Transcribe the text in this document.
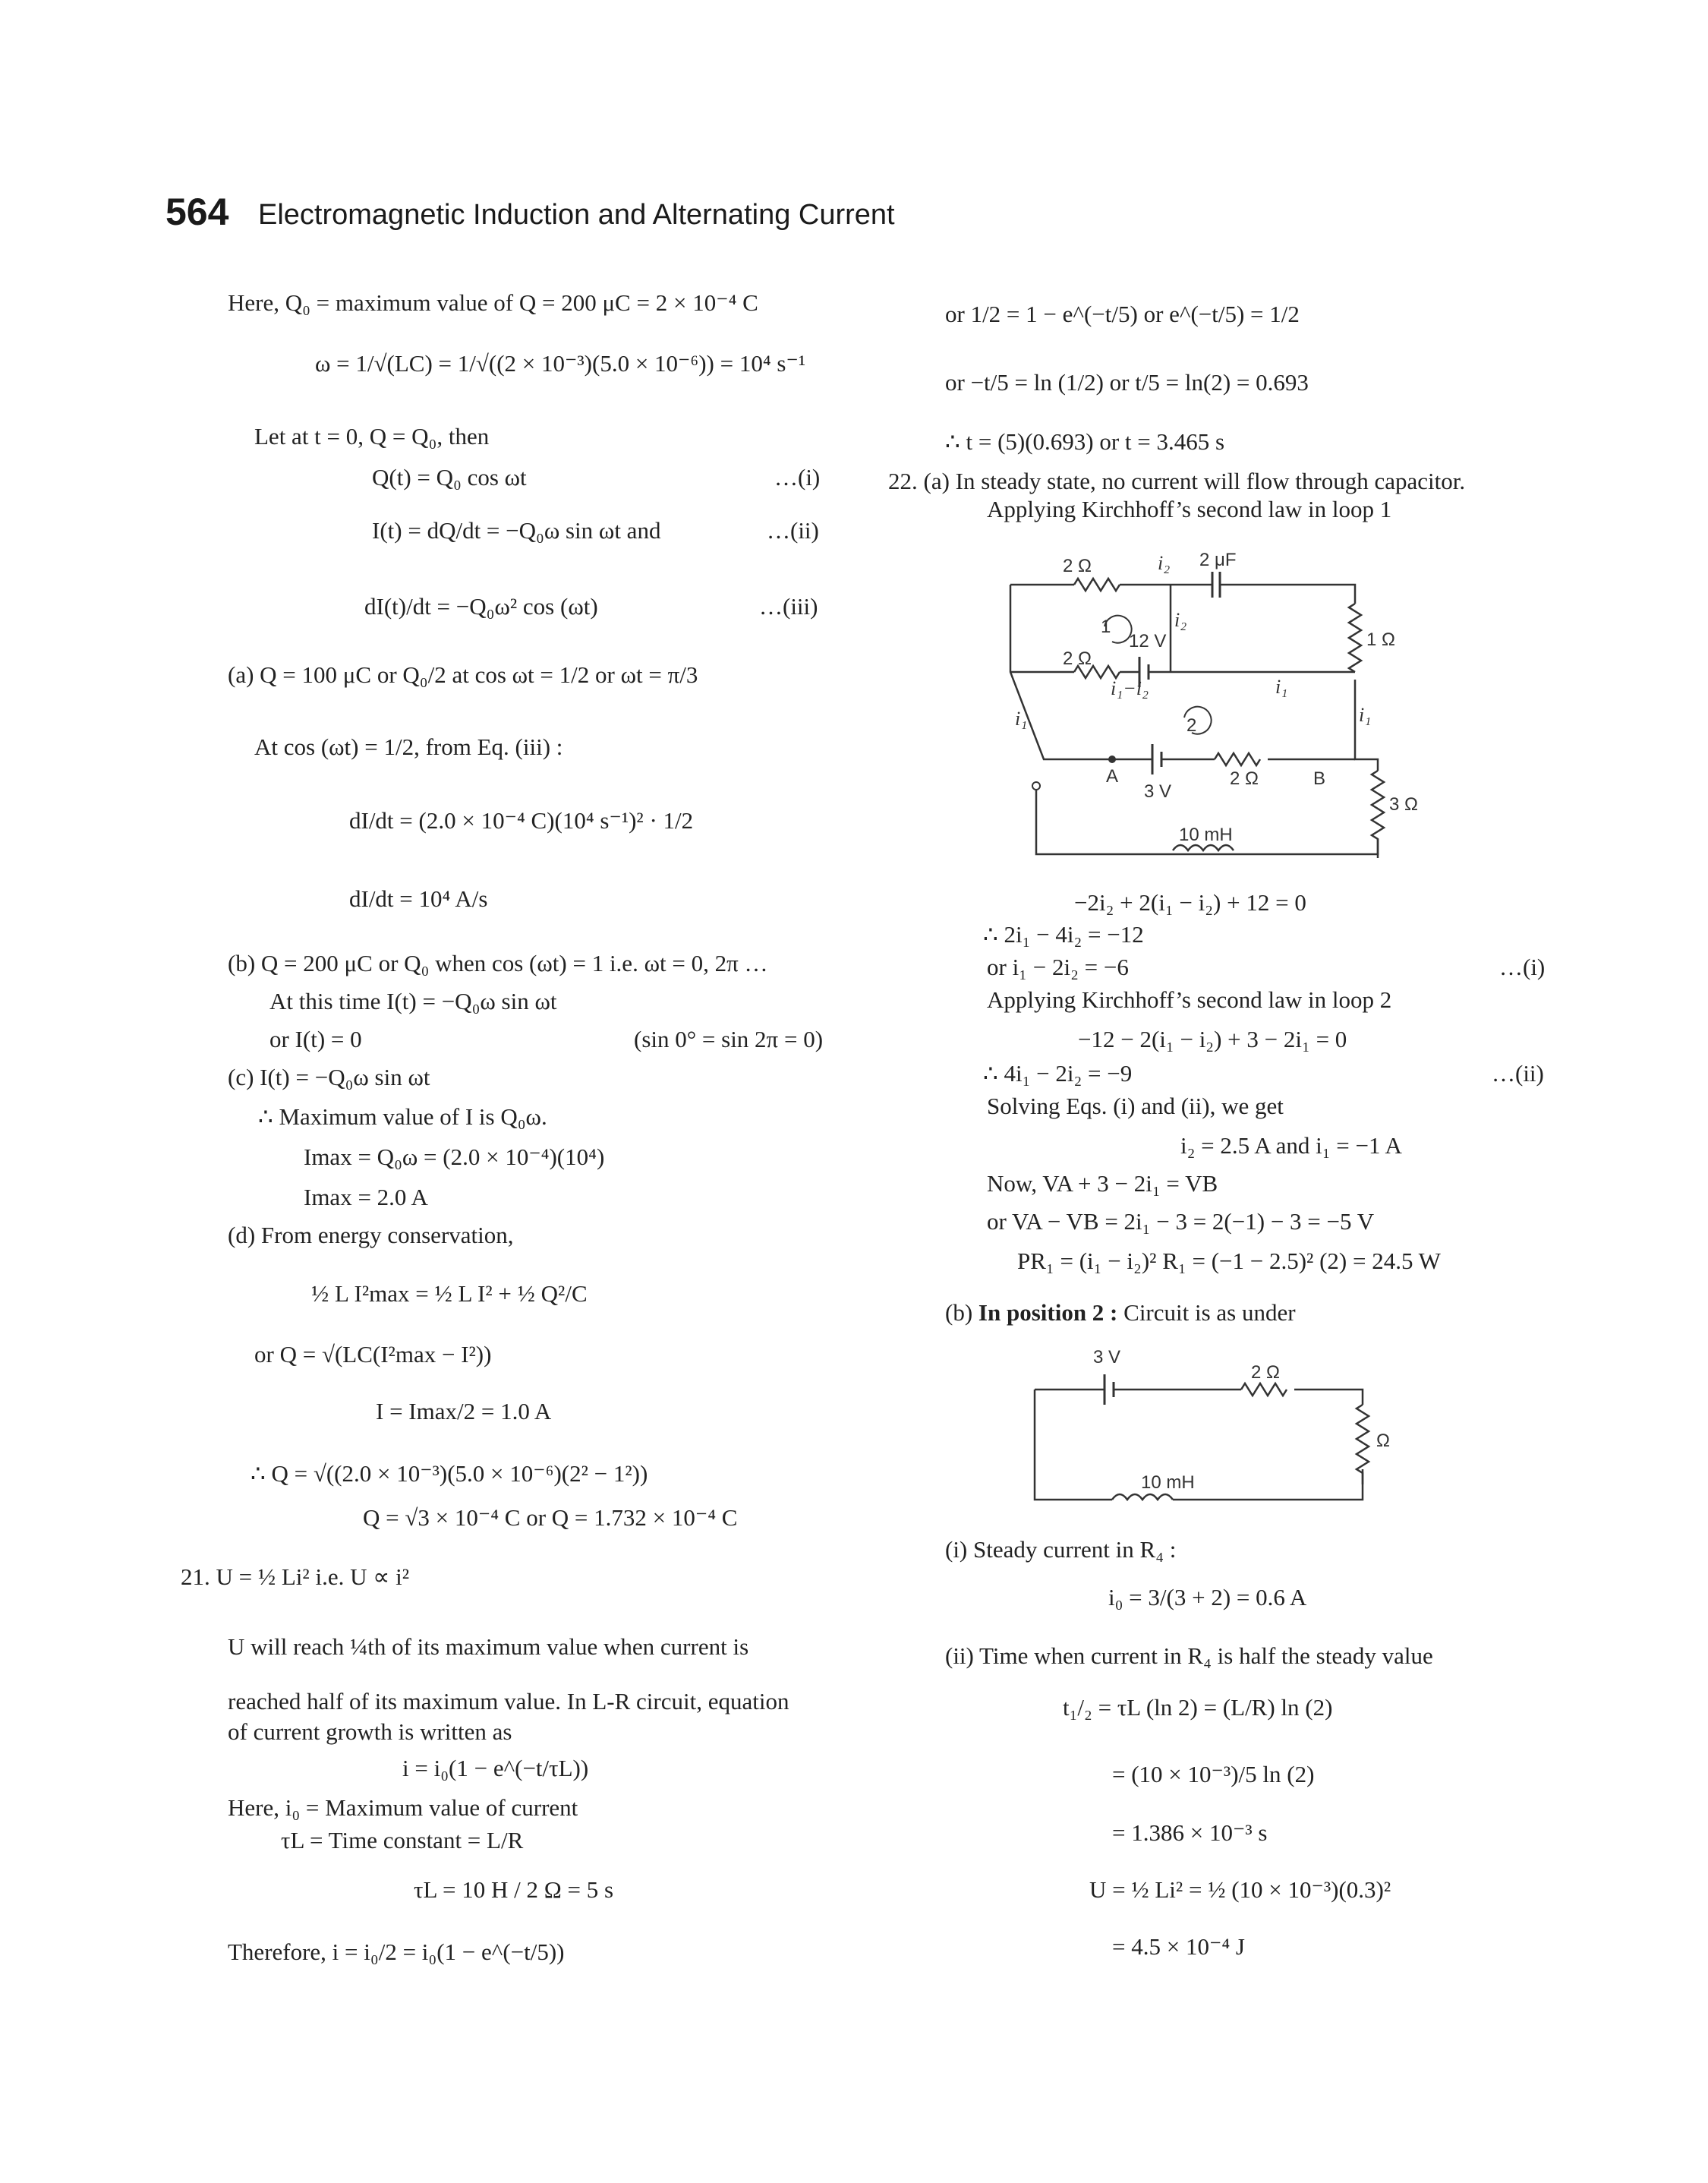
564 Electromagnetic Induction and Alternating Current
Here, Q₀ = maximum value of Q = 200 μC = 2 × 10⁻⁴ C
ω = 1/√(LC) = 1/√((2 × 10⁻³)(5.0 × 10⁻⁶)) = 10⁴ s⁻¹
Let at t = 0, Q = Q₀, then
Q(t) = Q₀ cos ωt	…(i)
I(t) = dQ/dt = −Q₀ω sin ωt and	…(ii)
dI(t)/dt = −Q₀ω² cos (ωt)	…(iii)
(a) Q = 100 μC or Q₀/2 at cos ωt = 1/2 or ωt = π/3
At cos (ωt) = 1/2, from Eq. (iii) :
dI/dt = (2.0 × 10⁻⁴ C)(10⁴ s⁻¹)² · 1/2
dI/dt = 10⁴ A/s
(b) Q = 200 μC or Q₀ when cos (ωt) = 1 i.e. ωt = 0, 2π …
At this time I(t) = −Q₀ω sin ωt
or I(t) = 0	(sin 0° = sin 2π = 0)
(c) I(t) = −Q₀ω sin ωt
∴ Maximum value of I is Q₀ω.
Imax = Q₀ω = (2.0 × 10⁻⁴)(10⁴)
Imax = 2.0 A
(d) From energy conservation,
½ L I²max = ½ L I² + ½ Q²/C
or Q = √(LC(I²max − I²))
I = Imax/2 = 1.0 A
∴ Q = √((2.0 × 10⁻³)(5.0 × 10⁻⁶)(2² − 1²))
Q = √3 × 10⁻⁴ C or Q = 1.732 × 10⁻⁴ C
21. U = ½ Li² i.e. U ∝ i²
U will reach ¼th of its maximum value when current is
reached half of its maximum value. In L-R circuit, equation
of current growth is written as
i = i₀(1 − e^(−t/τL))
Here, i₀ = Maximum value of current
τL = Time constant = L/R
τL = 10 H / 2 Ω = 5 s
Therefore, i = i₀/2 = i₀(1 − e^(−t/5))
or 1/2 = 1 − e^(−t/5) or e^(−t/5) = 1/2
or −t/5 = ln (1/2) or t/5 = ln(2) = 0.693
∴ t = (5)(0.693) or t = 3.465 s
22. (a) In steady state, no current will flow through capacitor.
Applying Kirchhoff’s second law in loop 1
2 Ω	i₂ 2 μF
1 Ω
i₂
1
12 V
2 Ω
i₁−i₂	i₁
2
i₁	i₁
A
3 V
2 Ω	B
3 Ω
10 mH
−2i₂ + 2(i₁ − i₂) + 12 = 0
∴ 2i₁ − 4i₂ = −12
or i₁ − 2i₂ = −6	…(i)
Applying Kirchhoff’s second law in loop 2
−12 − 2(i₁ − i₂) + 3 − 2i₁ = 0
∴ 4i₁ − 2i₂ = −9	…(ii)
Solving Eqs. (i) and (ii), we get
i₂ = 2.5 A and i₁ = −1 A
Now, VA + 3 − 2i₁ = VB
or VA − VB = 2i₁ − 3 = 2(−1) − 3 = −5 V
PR₁ = (i₁ − i₂)² R₁ = (−1 − 2.5)² (2) = 24.5 W
(b) In position 2 : Circuit is as under
3 V
2 Ω
Ω
10 mH
(i) Steady current in R₄ :
i₀ = 3/(3 + 2) = 0.6 A
(ii) Time when current in R₄ is half the steady value
t₁/₂ = τL (ln 2) = (L/R) ln (2)
= (10 × 10⁻³)/5 ln (2)
= 1.386 × 10⁻³ s
U = ½ Li² = ½ (10 × 10⁻³)(0.3)²
= 4.5 × 10⁻⁴ J
